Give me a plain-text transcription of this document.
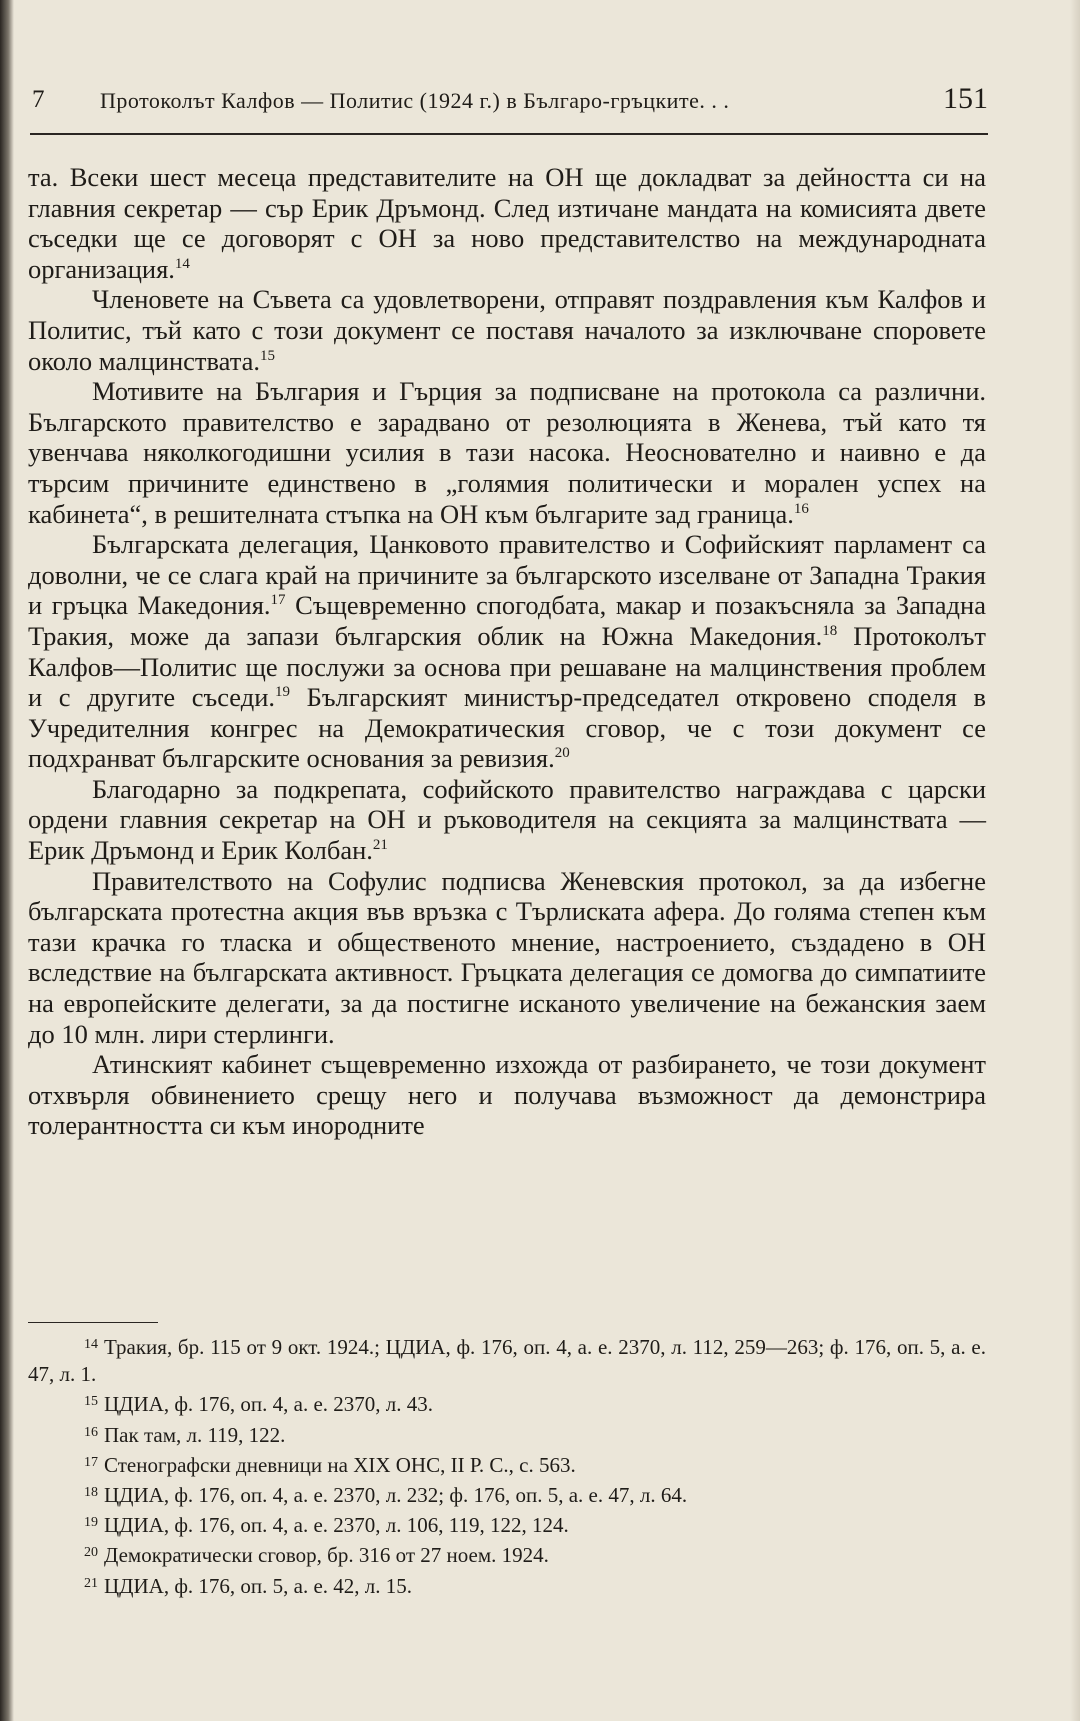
7	Протоколът Калфов — Политис (1924 г.) в Българо-гръцките. . .	151

та. Всеки шест месеца представителите на ОН ще докладват за дейността си на главния секретар — сър Ерик Дръмонд. След изтичане мандата на комисията двете съседки ще се договорят с ОН за ново представителство на международната организация.$^{14}$

Членовете на Съвета са удовлетворени, отправят поздравления към Калфов и Политис, тъй като с този документ се поставя началото за изключване споровете около малцинствата.$^{15}$

Мотивите на България и Гърция за подписване на протокола са различни. Българското правителство е зарадвано от резолюцията в Женева, тъй като тя увенчава няколкогодишни усилия в тази насока. Неоснователно и наивно е да търсим причините единствено в „голямия политически и морален успех на кабинета“, в решителната стъпка на ОН към българите зад граница.$^{16}$

Българската делегация, Цанковото правителство и Софийският парламент са доволни, че се слага край на причините за българското изселване от Западна Тракия и гръцка Македония.$^{17}$ Същевременно спогодбата, макар и позакъсняла за Западна Тракия, може да запази българския облик на Южна Македония.$^{18}$ Протоколът Калфов—Политис ще послужи за основа при решаване на малцинствения проблем и с другите съседи.$^{19}$ Българският министър-председател откровено споделя в Учредителния конгрес на Демократическия сговор, че с този документ се подхранват българските основания за ревизия.$^{20}$

Благодарно за подкрепата, софийското правителство награждава с царски ордени главния секретар на ОН и ръководителя на секцията за малцинствата — Ерик Дръмонд и Ерик Колбан.$^{21}$

Правителството на Софулис подписва Женевския протокол, за да избегне българската протестна акция във връзка с Търлиската афера. До голяма степен към тази крачка го тласка и общественото мнение, настроението, създадено в ОН вследствие на българската активност. Гръцката делегация се домогва до симпатиите на европейските делегати, за да постигне исканото увеличение на бежанския заем до 10 млн. лири стерлинги.

Атинският кабинет същевременно изхожда от разбирането, че този документ отхвърля обвинението срещу него и получава възможност да демонстрира толерантността си към инородните

$^{14}$ Тракия, бр. 115 от 9 окт. 1924.; ЦДИА, ф. 176, оп. 4, а. е. 2370, л. 112, 259—263; ф. 176, оп. 5, а. е. 47, л. 1.

$^{15}$ ЦДИА, ф. 176, оп. 4, а. е. 2370, л. 43.

$^{16}$ Пак там, л. 119, 122.

$^{17}$ Стенографски дневници на XIX ОНС, II Р. С., с. 563.

$^{18}$ ЦДИА, ф. 176, оп. 4, а. е. 2370, л. 232; ф. 176, оп. 5, а. е. 47, л. 64.

$^{19}$ ЦДИА, ф. 176, оп. 4, а. е. 2370, л. 106, 119, 122, 124.

$^{20}$ Демократически сговор, бр. 316 от 27 ноем. 1924.

$^{21}$ ЦДИА, ф. 176, оп. 5, а. е. 42, л. 15.
